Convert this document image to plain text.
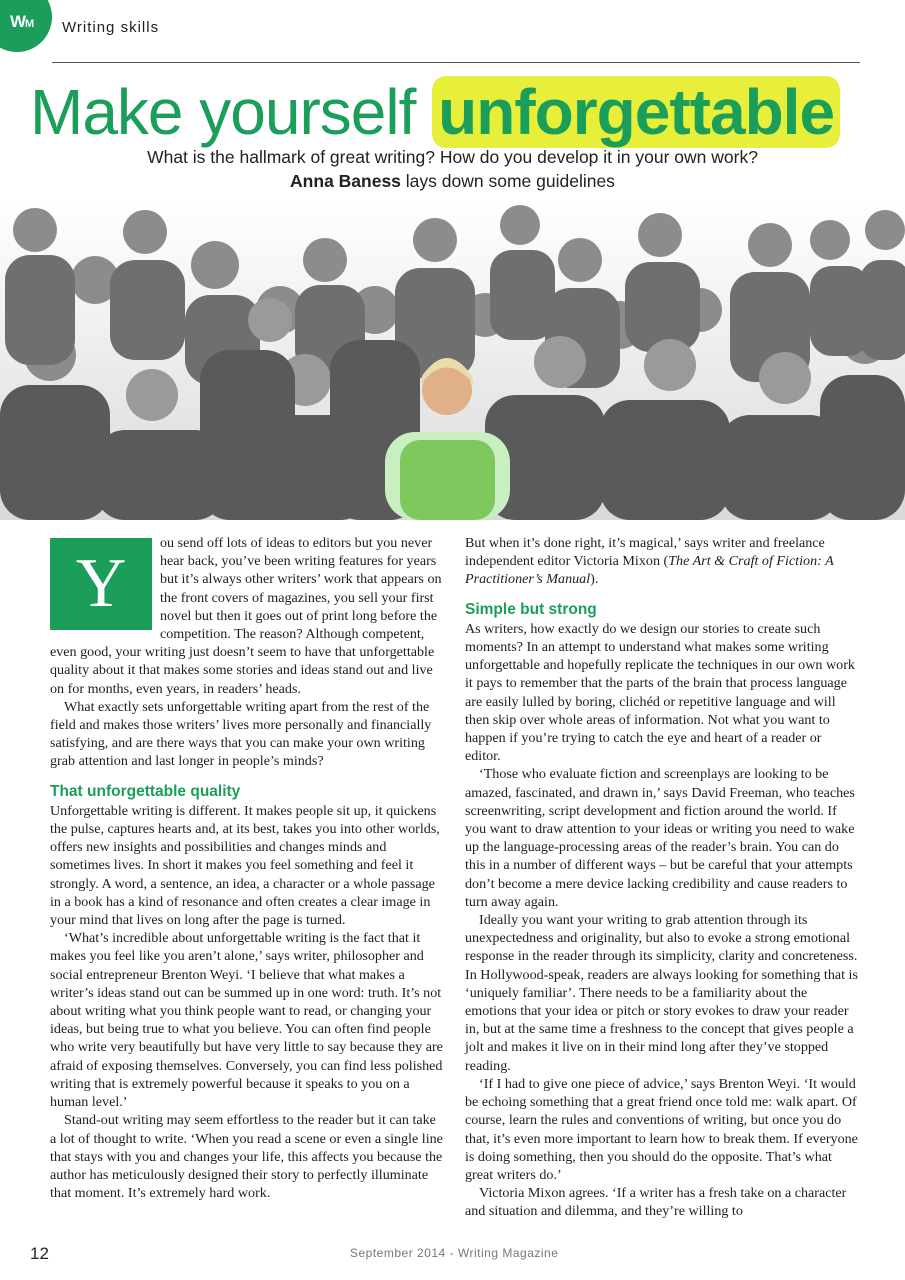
WM Writing skills
Make yourself unforgettable
What is the hallmark of great writing? How do you develop it in your own work?
Anna Baness lays down some guidelines
Y

ou send off lots of ideas to editors but you never hear back, you’ve been writing features for years but it’s always other writers’ work that appears on the front covers of magazines, you sell your first novel but then it goes out of print long before the competition. The reason? Although competent, even good, your writing just doesn’t seem to have that unforgettable quality about it that makes some stories and ideas stand out and live on for months, even years, in readers’ heads.

What exactly sets unforgettable writing apart from the rest of the field and makes those writers’ lives more personally and financially satisfying, and are there ways that you can make your own writing grab attention and last longer in people’s minds?

That unforgettable quality

Unforgettable writing is different. It makes people sit up, it quickens the pulse, captures hearts and, at its best, takes you into other worlds, offers new insights and possibilities and changes minds and sometimes lives. In short it makes you feel something and feel it strongly. A word, a sentence, an idea, a character or a whole passage in a book has a kind of resonance and often creates a clear image in your mind that lives on long after the page is turned.

‘What’s incredible about unforgettable writing is the fact that it makes you feel like you aren’t alone,’ says writer, philosopher and social entrepreneur Brenton Weyi. ‘I believe that what makes a writer’s ideas stand out can be summed up in one word: truth. It’s not about writing what you think people want to read, or changing your ideas, but being true to what you believe. You can often find people who write very beautifully but have very little to say because they are afraid of exposing themselves. Conversely, you can find less polished writing that is extremely powerful because it speaks to you on a human level.’

Stand-out writing may seem effortless to the reader but it can take a lot of thought to write. ‘When you read a scene or even a single line that stays with you and changes your life, this affects you because the author has meticulously designed their story to perfectly illuminate that moment. It’s extremely hard work.

But when it’s done right, it’s magical,’ says writer and freelance independent editor Victoria Mixon (The Art & Craft of Fiction: A Practitioner’s Manual).

Simple but strong

As writers, how exactly do we design our stories to create such moments? In an attempt to understand what makes some writing unforgettable and hopefully replicate the techniques in our own work it pays to remember that the parts of the brain that process language are easily lulled by boring, clichéd or repetitive language and will then skip over whole areas of information. Not what you want to happen if you’re trying to catch the eye and heart of a reader or editor.

‘Those who evaluate fiction and screenplays are looking to be amazed, fascinated, and drawn in,’ says David Freeman, who teaches screenwriting, script development and fiction around the world. If you want to draw attention to your ideas or writing you need to wake up the language-processing areas of the reader’s brain. You can do this in a number of different ways – but be careful that your attempts don’t become a mere device lacking credibility and cause readers to turn away again.

Ideally you want your writing to grab attention through its unexpectedness and originality, but also to evoke a strong emotional response in the reader through its simplicity, clarity and concreteness. In Hollywood-speak, readers are always looking for something that is ‘uniquely familiar’. There needs to be a familiarity about the emotions that your idea or pitch or story evokes to draw your reader in, but at the same time a freshness to the concept that gives people a jolt and makes it live on in their mind long after they’ve stopped reading.

‘If I had to give one piece of advice,’ says Brenton Weyi. ‘It would be echoing something that a great friend once told me: walk apart. Of course, learn the rules and conventions of writing, but once you do that, it’s even more important to learn how to break them. If everyone is doing something, then you should do the opposite. That’s what great writers do.’

Victoria Mixon agrees. ‘If a writer has a fresh take on a character and situation and dilemma, and they’re willing to

12	September 2014 - Writing Magazine
